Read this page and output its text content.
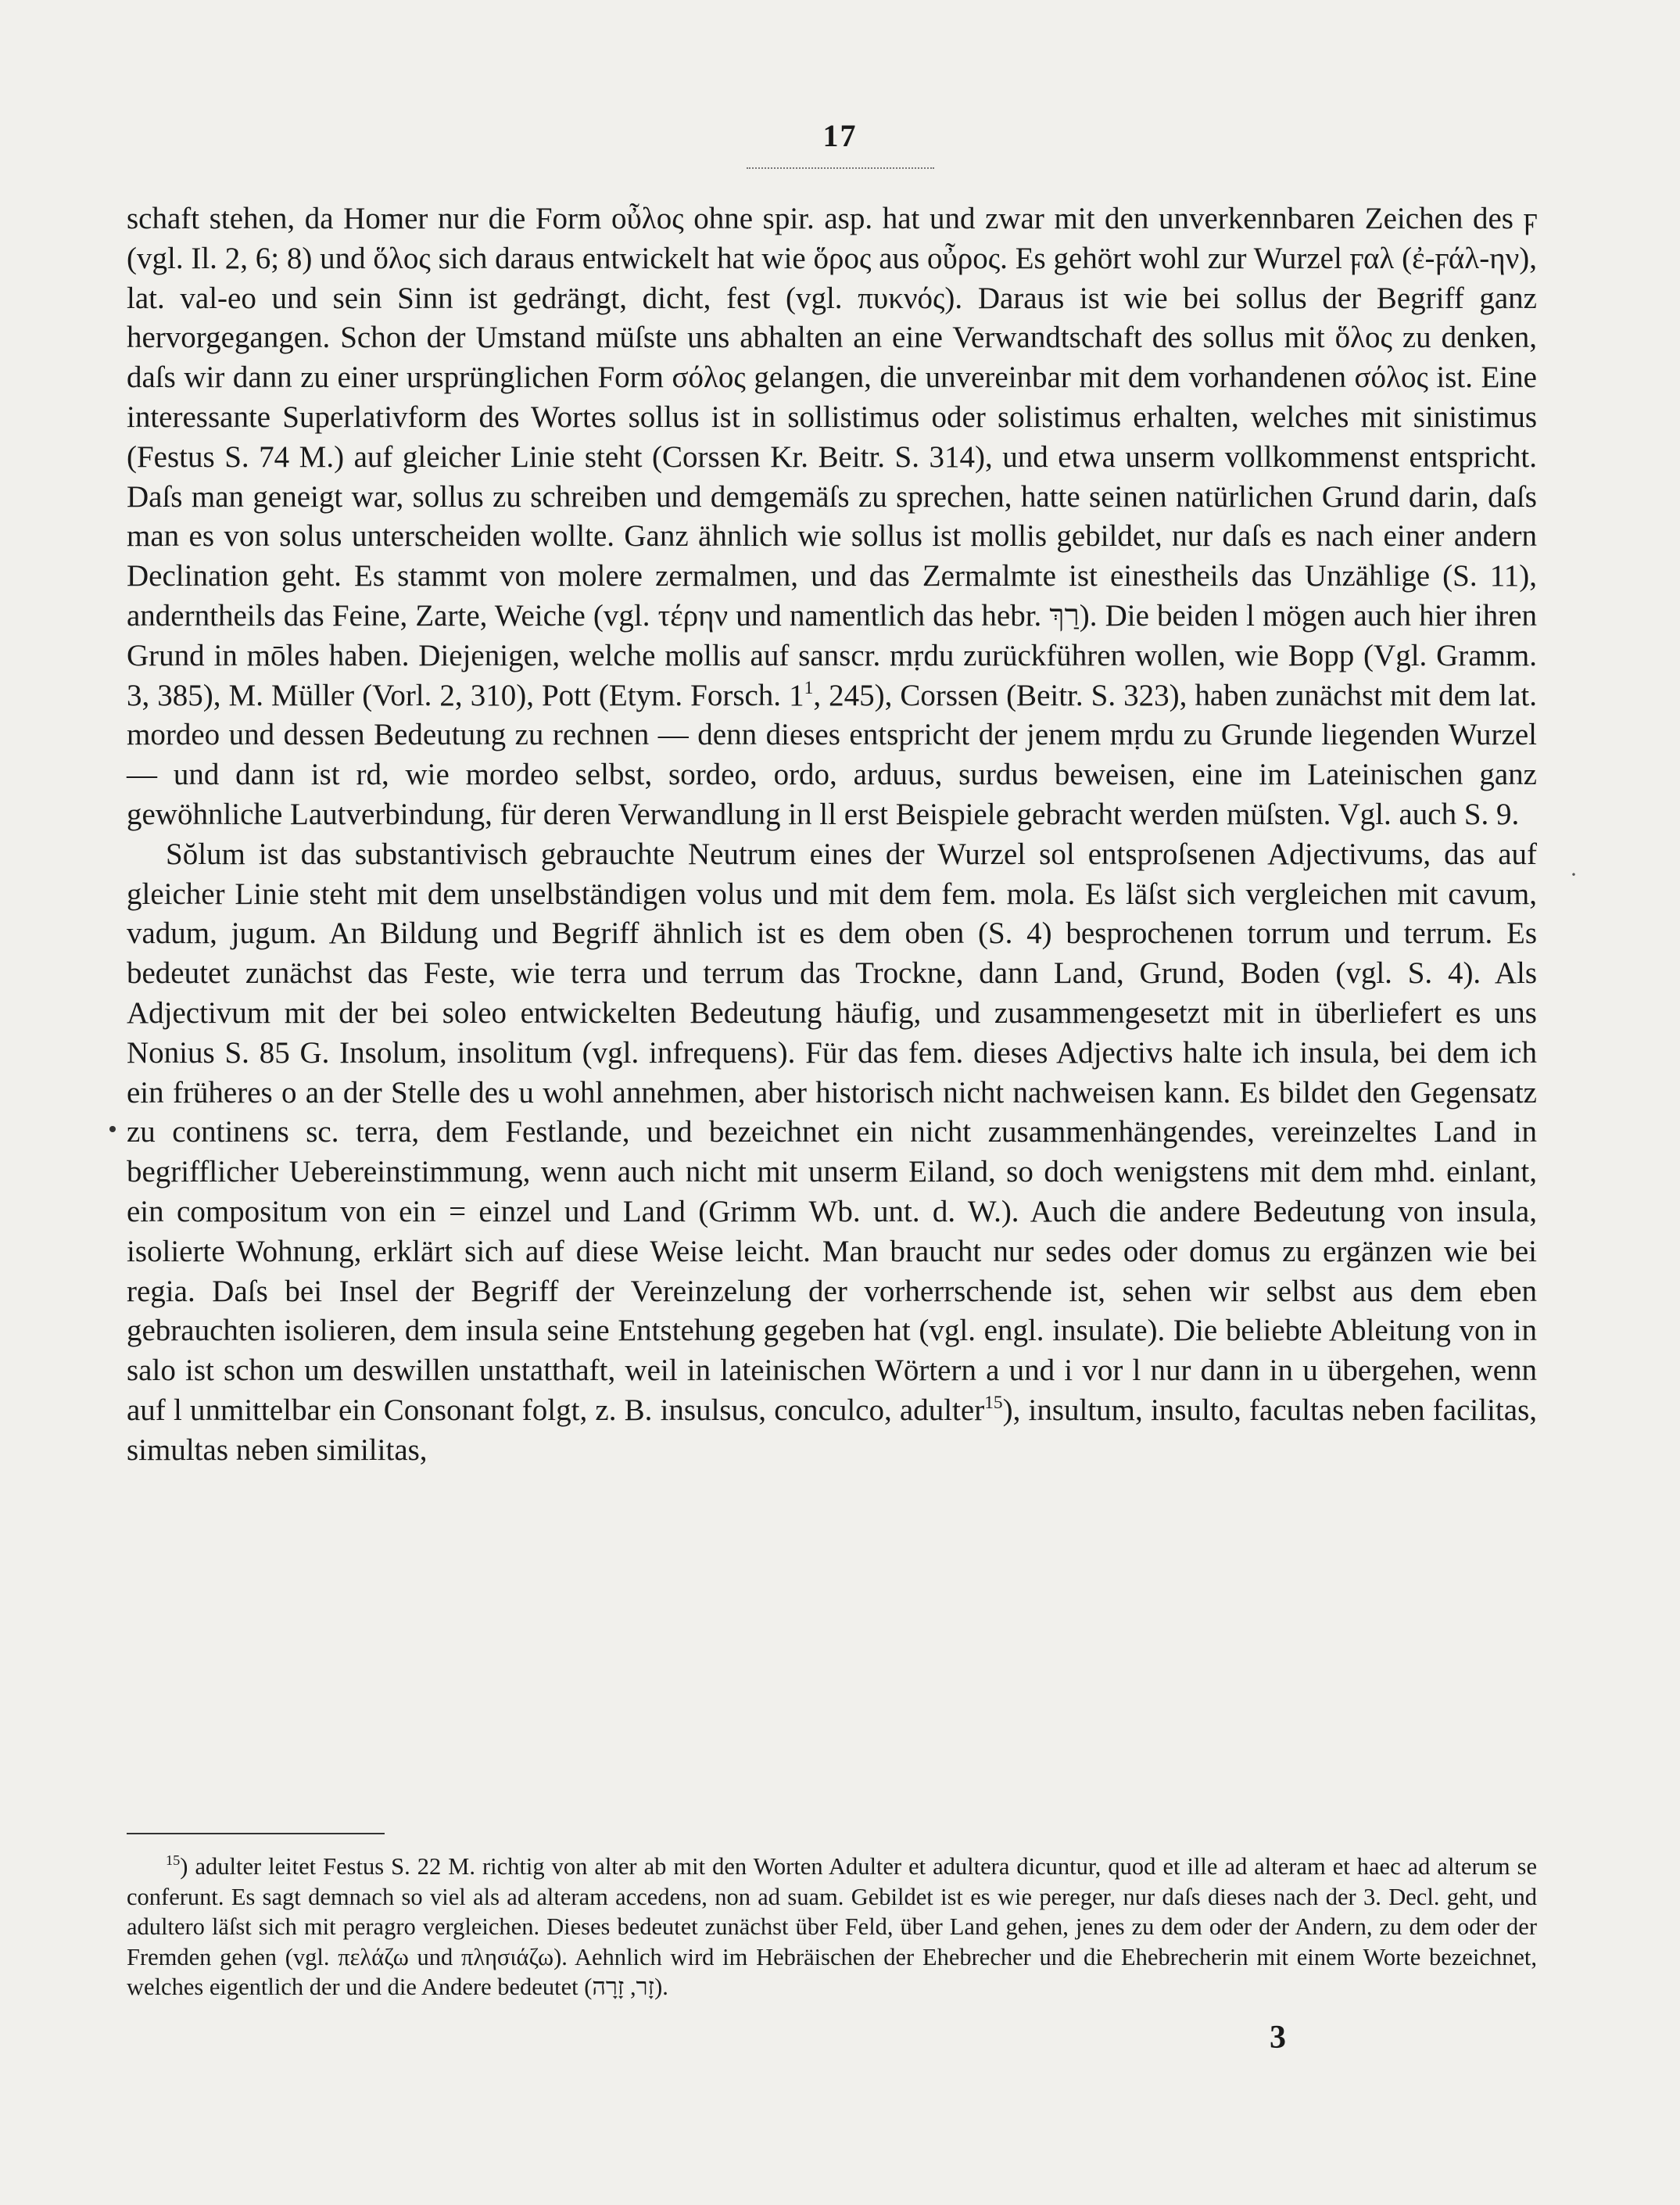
17

schaft stehen, da Homer nur die Form οὖλος ohne spir. asp. hat und zwar mit den unverkennbaren Zeichen des ϝ (vgl. Il. 2, 6; 8) und ὅλος sich daraus entwickelt hat wie ὅρος aus οὖρος. Es gehört wohl zur Wurzel ϝαλ (ἐ-ϝάλ-ην), lat. val-eo und sein Sinn ist gedrängt, dicht, fest (vgl. πυκνός). Daraus ist wie bei sollus der Begriff ganz hervorgegangen. Schon der Umstand müſste uns abhalten an eine Verwandtschaft des sollus mit ὅλος zu denken, daſs wir dann zu einer ursprünglichen Form σόλος gelangen, die unvereinbar mit dem vorhandenen σόλος ist. Eine interessante Superlativform des Wortes sollus ist in sollistimus oder solistimus erhalten, welches mit sinistimus (Festus S. 74 M.) auf gleicher Linie steht (Corssen Kr. Beitr. S. 314), und etwa unserm vollkommenst entspricht. Daſs man geneigt war, sollus zu schreiben und demgemäſs zu sprechen, hatte seinen natürlichen Grund darin, daſs man es von solus unterscheiden wollte. Ganz ähnlich wie sollus ist mollis gebildet, nur daſs es nach einer andern Declination geht. Es stammt von molere zermalmen, und das Zermalmte ist einestheils das Unzählige (S. 11), anderntheils das Feine, Zarte, Weiche (vgl. τέρην und namentlich das hebr. רַךְ). Die beiden l mögen auch hier ihren Grund in mōles haben. Diejenigen, welche mollis auf sanscr. mṛdu zurückführen wollen, wie Bopp (Vgl. Gramm. 3, 385), M. Müller (Vorl. 2, 310), Pott (Etym. Forsch. $1^1$, 245), Corssen (Beitr. S. 323), haben zunächst mit dem lat. mordeo und dessen Bedeutung zu rechnen — denn dieses entspricht der jenem mṛdu zu Grunde liegenden Wurzel — und dann ist rd, wie mordeo selbst, sordeo, ordo, arduus, surdus beweisen, eine im Lateinischen ganz gewöhnliche Lautverbindung, für deren Verwandlung in ll erst Beispiele gebracht werden müſsten. Vgl. auch S. 9.

Sŏlum ist das substantivisch gebrauchte Neutrum eines der Wurzel sol entsproſsenen Adjectivums, das auf gleicher Linie steht mit dem unselbständigen volus und mit dem fem. mola. Es läſst sich vergleichen mit cavum, vadum, jugum. An Bildung und Begriff ähnlich ist es dem oben (S. 4) besprochenen torrum und terrum. Es bedeutet zunächst das Feste, wie terra und terrum das Trockne, dann Land, Grund, Boden (vgl. S. 4). Als Adjectivum mit der bei soleo entwickelten Bedeutung häufig, und zusammengesetzt mit in überliefert es uns Nonius S. 85 G. Insolum, insolitum (vgl. infrequens). Für das fem. dieses Adjectivs halte ich insula, bei dem ich ein früheres o an der Stelle des u wohl annehmen, aber historisch nicht nachweisen kann. Es bildet den Gegensatz zu continens sc. terra, dem Festlande, und bezeichnet ein nicht zusammenhängendes, vereinzeltes Land in begrifflicher Uebereinstimmung, wenn auch nicht mit unserm Eiland, so doch wenigstens mit dem mhd. einlant, ein compositum von ein = einzel und Land (Grimm Wb. unt. d. W.). Auch die andere Bedeutung von insula, isolierte Wohnung, erklärt sich auf diese Weise leicht. Man braucht nur sedes oder domus zu ergänzen wie bei regia. Daſs bei Insel der Begriff der Vereinzelung der vorherrschende ist, sehen wir selbst aus dem eben gebrauchten isolieren, dem insula seine Entstehung gegeben hat (vgl. engl. insulate). Die beliebte Ableitung von in salo ist schon um deswillen unstatthaft, weil in lateinischen Wörtern a und i vor l nur dann in u übergehen, wenn auf l unmittelbar ein Consonant folgt, z. B. insulsus, conculco, adulter$^{15}$), insultum, insulto, facultas neben facilitas, simultas neben similitas,

$^{15}$) adulter leitet Festus S. 22 M. richtig von alter ab mit den Worten Adulter et adultera dicuntur, quod et ille ad alteram et haec ad alterum se conferunt. Es sagt demnach so viel als ad alteram accedens, non ad suam. Gebildet ist es wie pereger, nur daſs dieses nach der 3. Decl. geht, und adultero läſst sich mit peragro vergleichen. Dieses bedeutet zunächst über Feld, über Land gehen, jenes zu dem oder der Andern, zu dem oder der Fremden gehen (vgl. πελάζω und πλησιάζω). Aehnlich wird im Hebräischen der Ehebrecher und die Ehebrecherin mit einem Worte bezeichnet, welches eigentlich der und die Andere bedeutet (זָר, זָרָה).

3
·
